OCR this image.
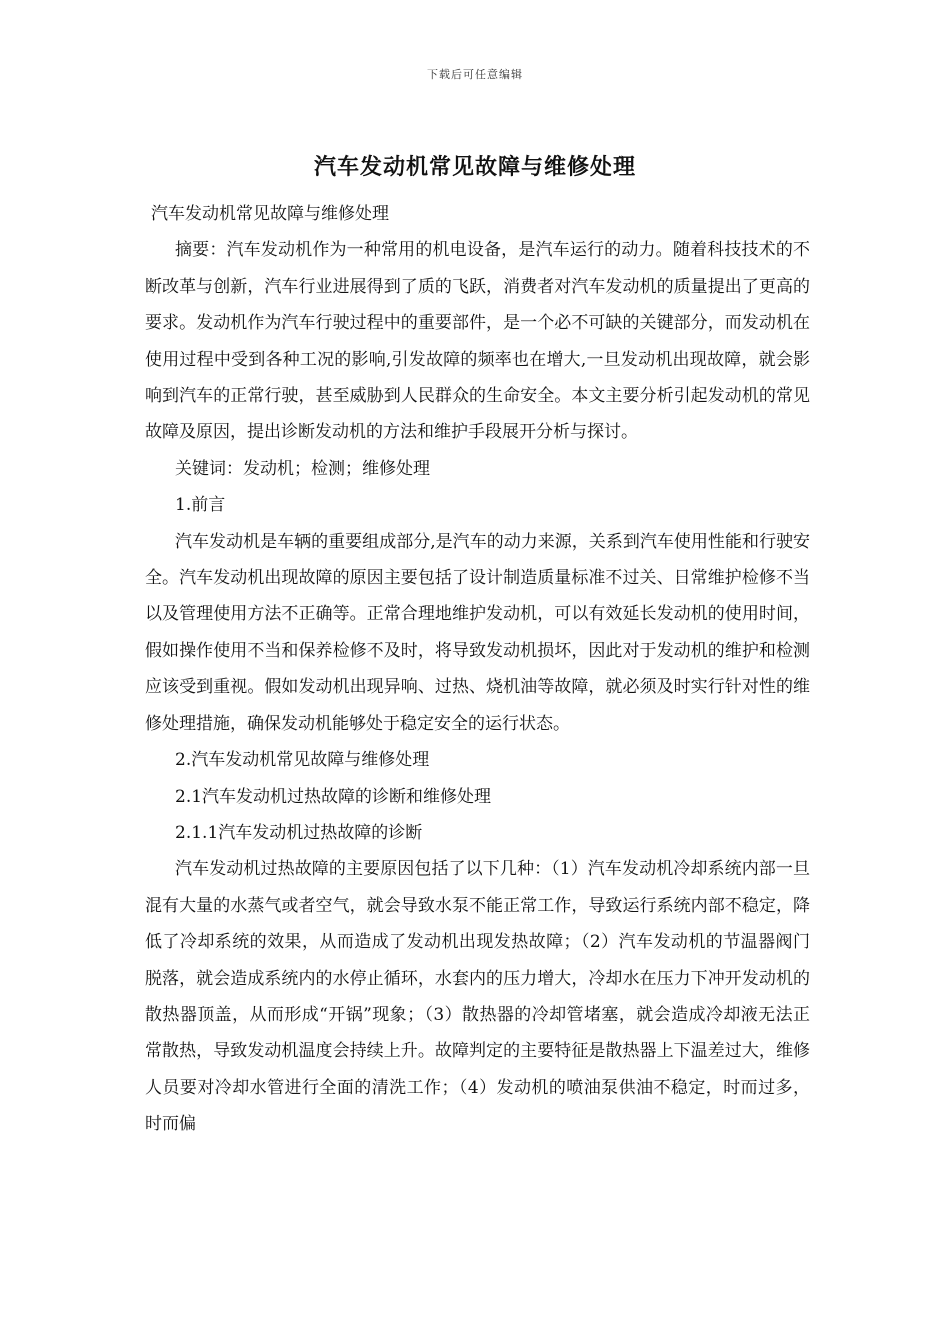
下载后可任意编辑
汽车发动机常见故障与维修处理

汽车发动机常见故障与维修处理

摘要：汽车发动机作为一种常用的机电设备，是汽车运行的动力。随着科技技术的不断改革与创新，汽车行业进展得到了质的飞跃，消费者对汽车发动机的质量提出了更高的要求。发动机作为汽车行驶过程中的重要部件，是一个必不可缺的关键部分，而发动机在使用过程中受到各种工况的影响,引发故障的频率也在增大,一旦发动机出现故障，就会影响到汽车的正常行驶，甚至威胁到人民群众的生命安全。本文主要分析引起发动机的常见故障及原因，提出诊断发动机的方法和维护手段展开分析与探讨。

关键词：发动机；检测；维修处理

1.前言

汽车发动机是车辆的重要组成部分,是汽车的动力来源，关系到汽车使用性能和行驶安全。汽车发动机出现故障的原因主要包括了设计制造质量标准不过关、日常维护检修不当以及管理使用方法不正确等。正常合理地维护发动机，可以有效延长发动机的使用时间，假如操作使用不当和保养检修不及时，将导致发动机损坏，因此对于发动机的维护和检测应该受到重视。假如发动机出现异响、过热、烧机油等故障，就必须及时实行针对性的维修处理措施，确保发动机能够处于稳定安全的运行状态。

2.汽车发动机常见故障与维修处理

2.1汽车发动机过热故障的诊断和维修处理

2.1.1汽车发动机过热故障的诊断

汽车发动机过热故障的主要原因包括了以下几种：（1）汽车发动机冷却系统内部一旦混有大量的水蒸气或者空气，就会导致水泵不能正常工作，导致运行系统内部不稳定，降低了冷却系统的效果，从而造成了发动机出现发热故障；（2）汽车发动机的节温器阀门脱落，就会造成系统内的水停止循环，水套内的压力增大，冷却水在压力下冲开发动机的散热器顶盖，从而形成“开锅”现象；（3）散热器的冷却管堵塞，就会造成冷却液无法正常散热，导致发动机温度会持续上升。故障判定的主要特征是散热器上下温差过大，维修人员要对冷却水管进行全面的清洗工作；（4）发动机的喷油泵供油不稳定，时而过多，时而偏
